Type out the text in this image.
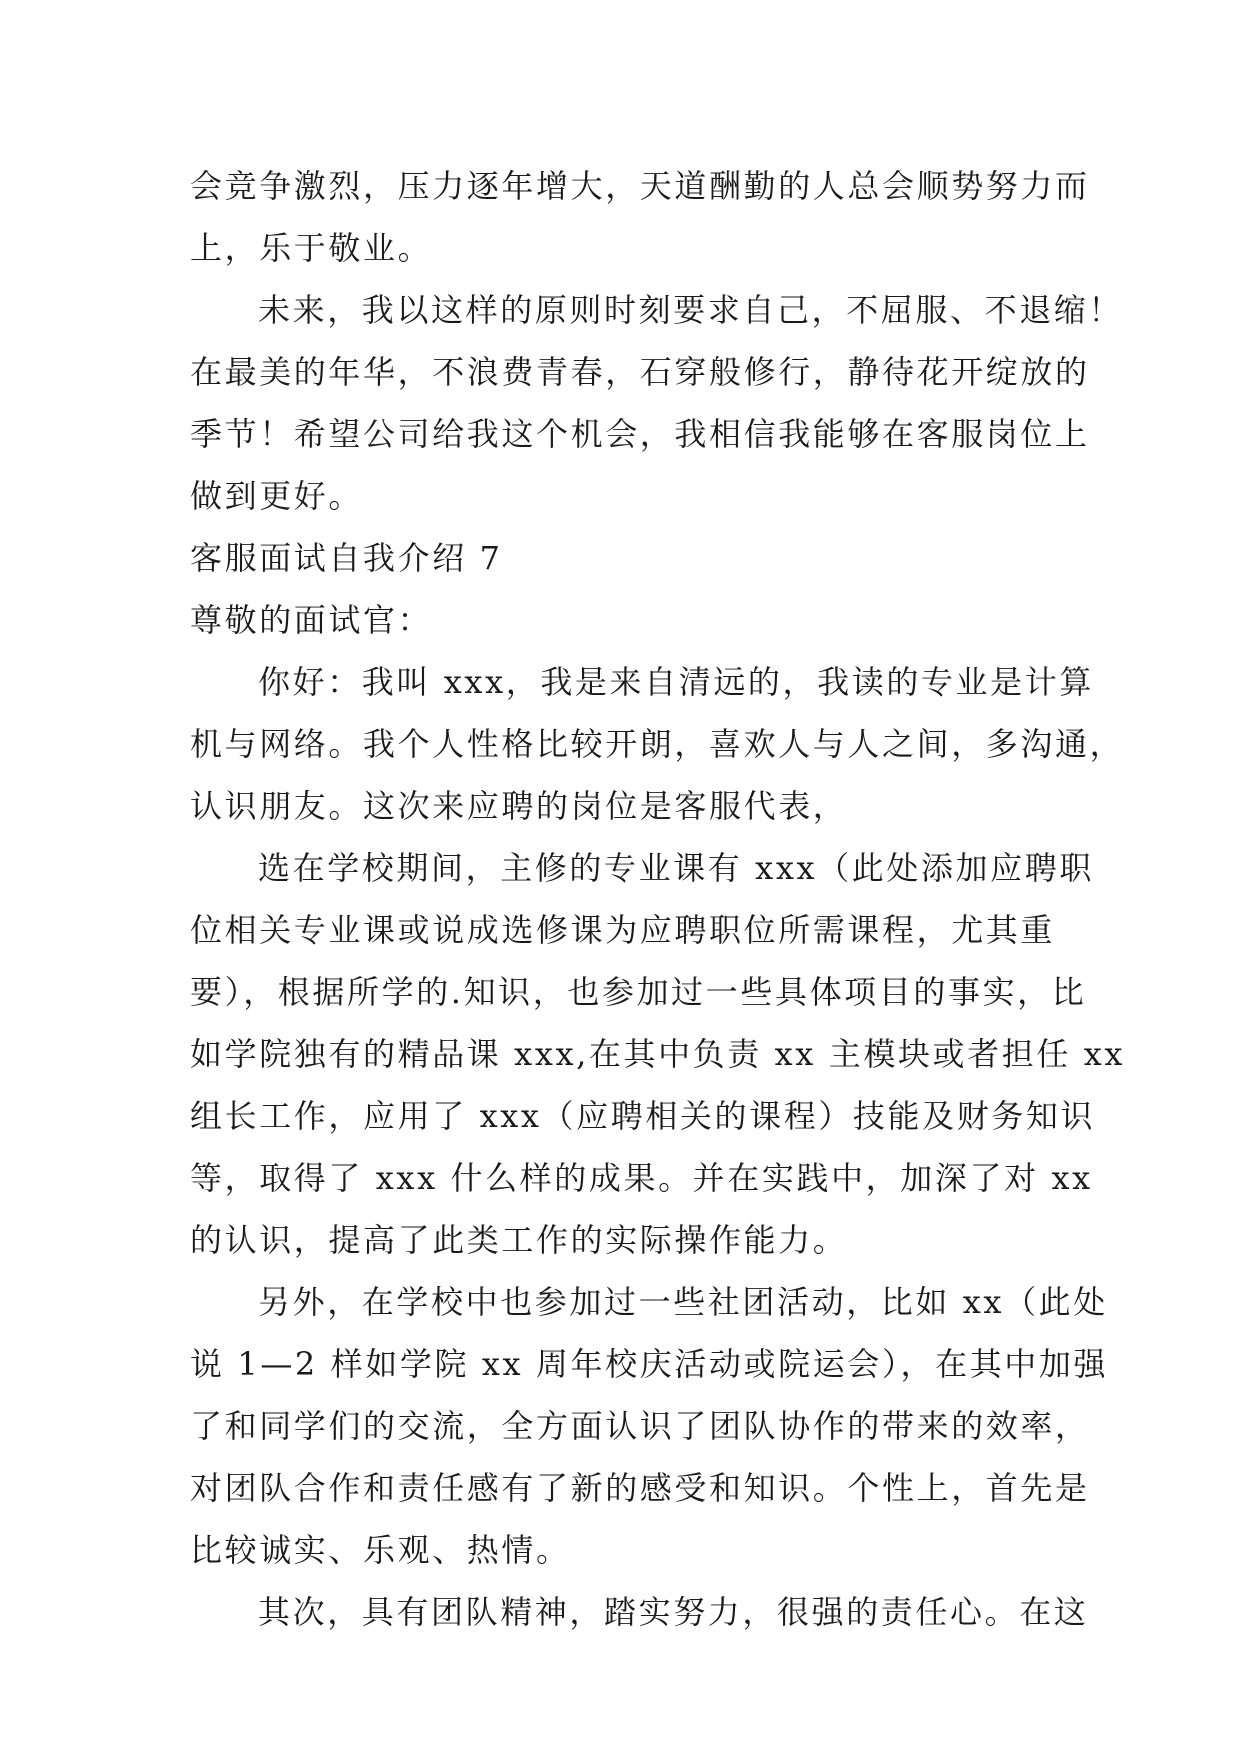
会竞争激烈，压力逐年增大，天道酬勤的人总会顺势努力而
上，乐于敬业。
未来，我以这样的原则时刻要求自己，不屈服、不退缩！
在最美的年华，不浪费青春，石穿般修行，静待花开绽放的
季节！希望公司给我这个机会，我相信我能够在客服岗位上
做到更好。
客服面试自我介绍 7
尊敬的面试官：
你好：我叫 xxx，我是来自清远的，我读的专业是计算
机与网络。我个人性格比较开朗，喜欢人与人之间，多沟通，
认识朋友。这次来应聘的岗位是客服代表，
选在学校期间，主修的专业课有 xxx（此处添加应聘职
位相关专业课或说成选修课为应聘职位所需课程，尤其重
要），根据所学的.知识，也参加过一些具体项目的事实，比
如学院独有的精品课 xxx,在其中负责 xx 主模块或者担任 xx
组长工作，应用了 xxx（应聘相关的课程）技能及财务知识
等，取得了 xxx 什么样的成果。并在实践中，加深了对 xx
的认识，提高了此类工作的实际操作能力。
另外，在学校中也参加过一些社团活动，比如 xx（此处
说 1—2 样如学院 xx 周年校庆活动或院运会），在其中加强
了和同学们的交流，全方面认识了团队协作的带来的效率，
对团队合作和责任感有了新的感受和知识。个性上，首先是
比较诚实、乐观、热情。
其次，具有团队精神，踏实努力，很强的责任心。在这
